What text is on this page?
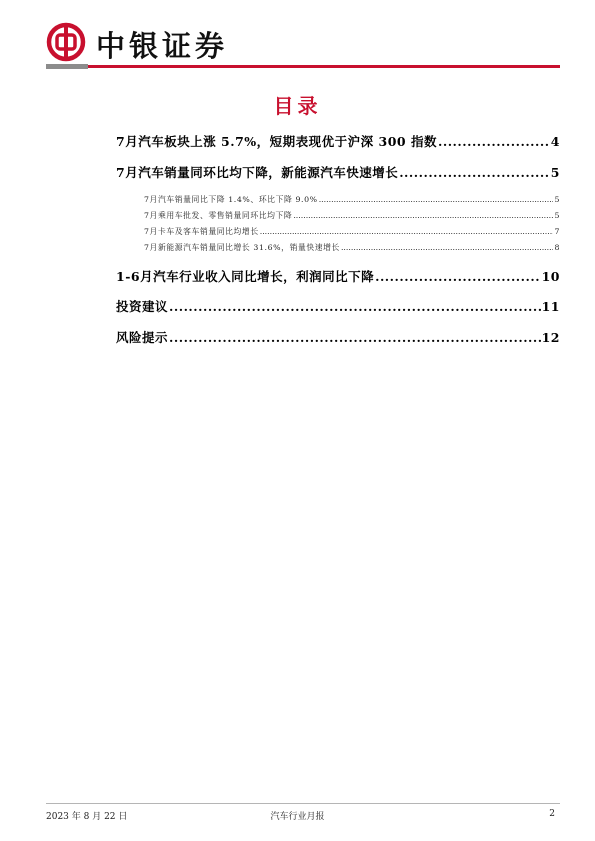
中银证券
目录
7月汽车板块上涨 5.7%，短期表现优于沪深 300 指数 .....	4
7月汽车销量同环比均下降，新能源汽车快速增长 .....	5
7月汽车销量同比下降 1.4%、环比下降 9.0% .....	5
7月乘用车批发、零售销量同环比均下降 .....	5
7月卡车及客车销量同比均增长 .....	7
7月新能源汽车销量同比增长 31.6%，销量快速增长 .....	8
1-6月汽车行业收入同比增长，利润同比下降 .....	10
投资建议 .....	11
风险提示 .....	12
2023 年 8 月 22 日	汽车行业月报	2
